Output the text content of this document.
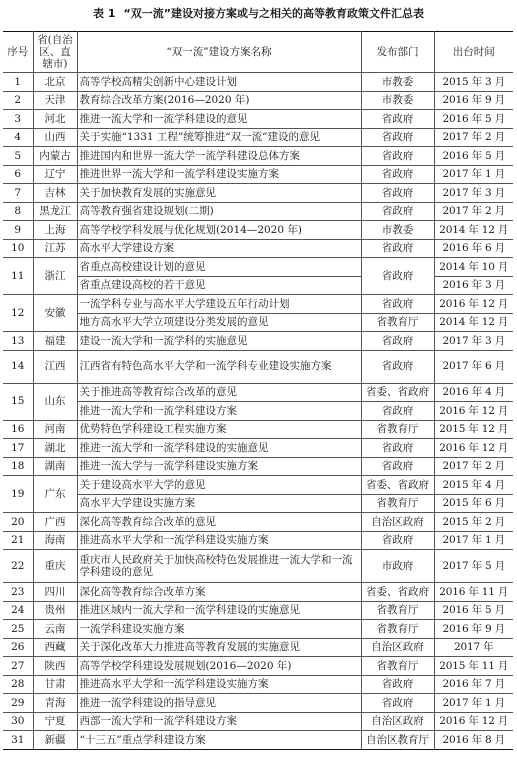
表 1 “双一流”建设对接方案或与之相关的高等教育政策文件汇总表
序号	省(自治区、直辖市)	“双一流”建设方案名称	发布部门	出台时间
1	北京	高等学校高精尖创新中心建设计划	市教委	2015 年 3 月
2	天津	教育综合改革方案(2016—2020 年)	市教委	2016 年 9 月
3	河北	推进一流大学和一流学科建设的意见	省政府	2016 年 5 月
4	山西	关于实施“1331 工程”统筹推进“双一流”建设的意见	省政府	2017 年 2 月
5	内蒙古	推进国内和世界一流大学一流学科建设总体方案	省政府	2016 年 5 月
6	辽宁	推进世界一流大学和一流学科建设实施方案	省政府	2017 年 1 月
7	吉林	关于加快教育发展的实施意见	省政府	2017 年 3 月
8	黑龙江	高等教育强省建设规划(二期)	省政府	2017 年 2 月
9	上海	高等学校学科发展与优化规划(2014—2020 年)	市教委	2014 年 12 月
10	江苏	高水平大学建设方案	省政府	2016 年 6 月
11	浙江	省重点高校建设计划的意见	省政府	2014 年 10 月
		省重点建设高校的若干意见		2016 年 3 月
12	安徽	一流学科专业与高水平大学建设五年行动计划	省政府	2016 年 12 月
		地方高水平大学立项建设分类发展的意见	省教育厅	2014 年 12 月
13	福建	建设一流大学和一流学科的实施意见	省政府	2017 年 3 月
14	江西	江西省有特色高水平大学和一流学科专业建设实施方案	省政府	2017 年 6 月
15	山东	关于推进高等教育综合改革的意见	省委、省政府	2016 年 4 月
		推进一流大学和一流学科建设方案	省政府	2016 年 12 月
16	河南	优势特色学科建设工程实施方案	省教育厅	2015 年 12 月
17	湖北	推进一流大学和一流学科建设的实施意见	省政府	2016 年 12 月
18	湖南	推进一流大学与一流学科建设实施方案	省政府	2017 年 2 月
19	广东	关于建设高水平大学的意见	省委、省政府	2015 年 4 月
		高水平大学建设实施方案	省教育厅	2015 年 6 月
20	广西	深化高等教育综合改革的意见	自治区政府	2015 年 2 月
21	海南	推进高水平大学和一流学科建设实施方案	省政府	2017 年 1 月
22	重庆	重庆市人民政府关于加快高校特色发展推进一流大学和一流学科建设的意见	市政府	2017 年 5 月
23	四川	深化高等教育综合改革方案	省委、省政府	2016 年 11 月
24	贵州	推进区域内一流大学和一流学科建设的实施意见	省教育厅	2016 年 5 月
25	云南	一流学科建设实施方案	省教育厅	2016 年 9 月
26	西藏	关于深化改革大力推进高等教育发展的实施意见	自治区政府	2017 年
27	陕西	高等学校学科建设发展规划(2016—2020 年)	省教育厅	2015 年 11 月
28	甘肃	推进高水平大学和一流学科建设实施方案	省政府	2016 年 7 月
29	青海	推进一流学科建设的指导意见	省政府	2017 年 1 月
30	宁夏	西部一流大学和一流学科建设方案	自治区政府	2016 年 12 月
31	新疆	“十三五”重点学科建设方案	自治区教育厅	2016 年 8 月
